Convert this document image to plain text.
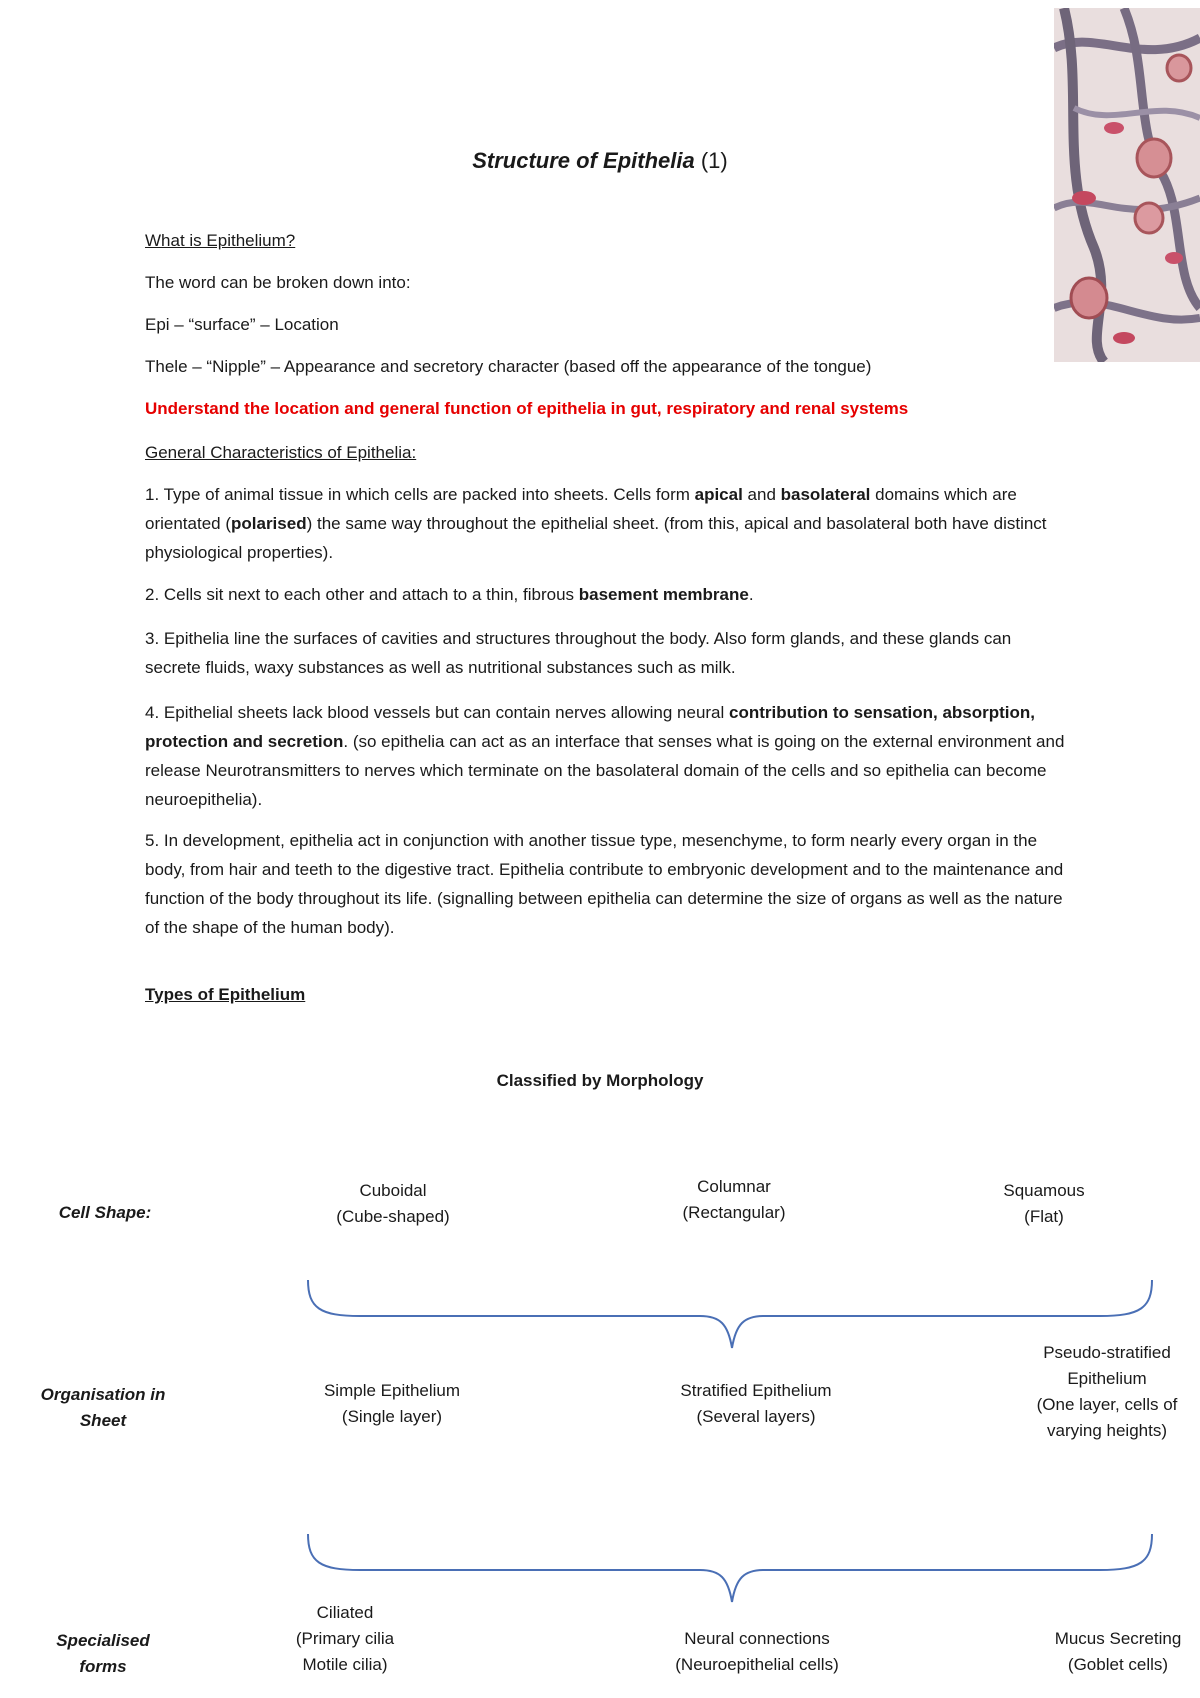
Structure of Epithelia (1)
What is Epithelium?
The word can be broken down into:
Epi – “surface” – Location
Thele – “Nipple” – Appearance and secretory character (based off the appearance of the tongue)
Understand the location and general function of epithelia in gut, respiratory and renal systems
General Characteristics of Epithelia:
1. Type of animal tissue in which cells are packed into sheets. Cells form apical and basolateral domains which are orientated (polarised) the same way throughout the epithelial sheet. (from this, apical and basolateral both have distinct physiological properties).
2. Cells sit next to each other and attach to a thin, fibrous basement membrane.
3. Epithelia line the surfaces of cavities and structures throughout the body. Also form glands, and these glands can secrete fluids, waxy substances as well as nutritional substances such as milk.
4. Epithelial sheets lack blood vessels but can contain nerves allowing neural contribution to sensation, absorption, protection and secretion. (so epithelia can act as an interface that senses what is going on the external environment and release Neurotransmitters to nerves which terminate on the basolateral domain of the cells and so epithelia can become neuroepithelia).
5. In development, epithelia act in conjunction with another tissue type, mesenchyme, to form nearly every organ in the body, from hair and teeth to the digestive tract. Epithelia contribute to embryonic development and to the maintenance and function of the body throughout its life. (signalling between epithelia can determine the size of organs as well as the nature of the shape of the human body).
Types of Epithelium
Classified by Morphology
Cell Shape:
Cuboidal
(Cube-shaped)
Columnar
(Rectangular)
Squamous
(Flat)
Organisation in
Sheet
Simple Epithelium
(Single layer)
Stratified Epithelium
(Several layers)
Pseudo-stratified
Epithelium
(One layer, cells of
varying heights)
Specialised
forms
Ciliated
(Primary cilia
Motile cilia)
Neural connections
(Neuroepithelial cells)
Mucus Secreting
(Goblet cells)
